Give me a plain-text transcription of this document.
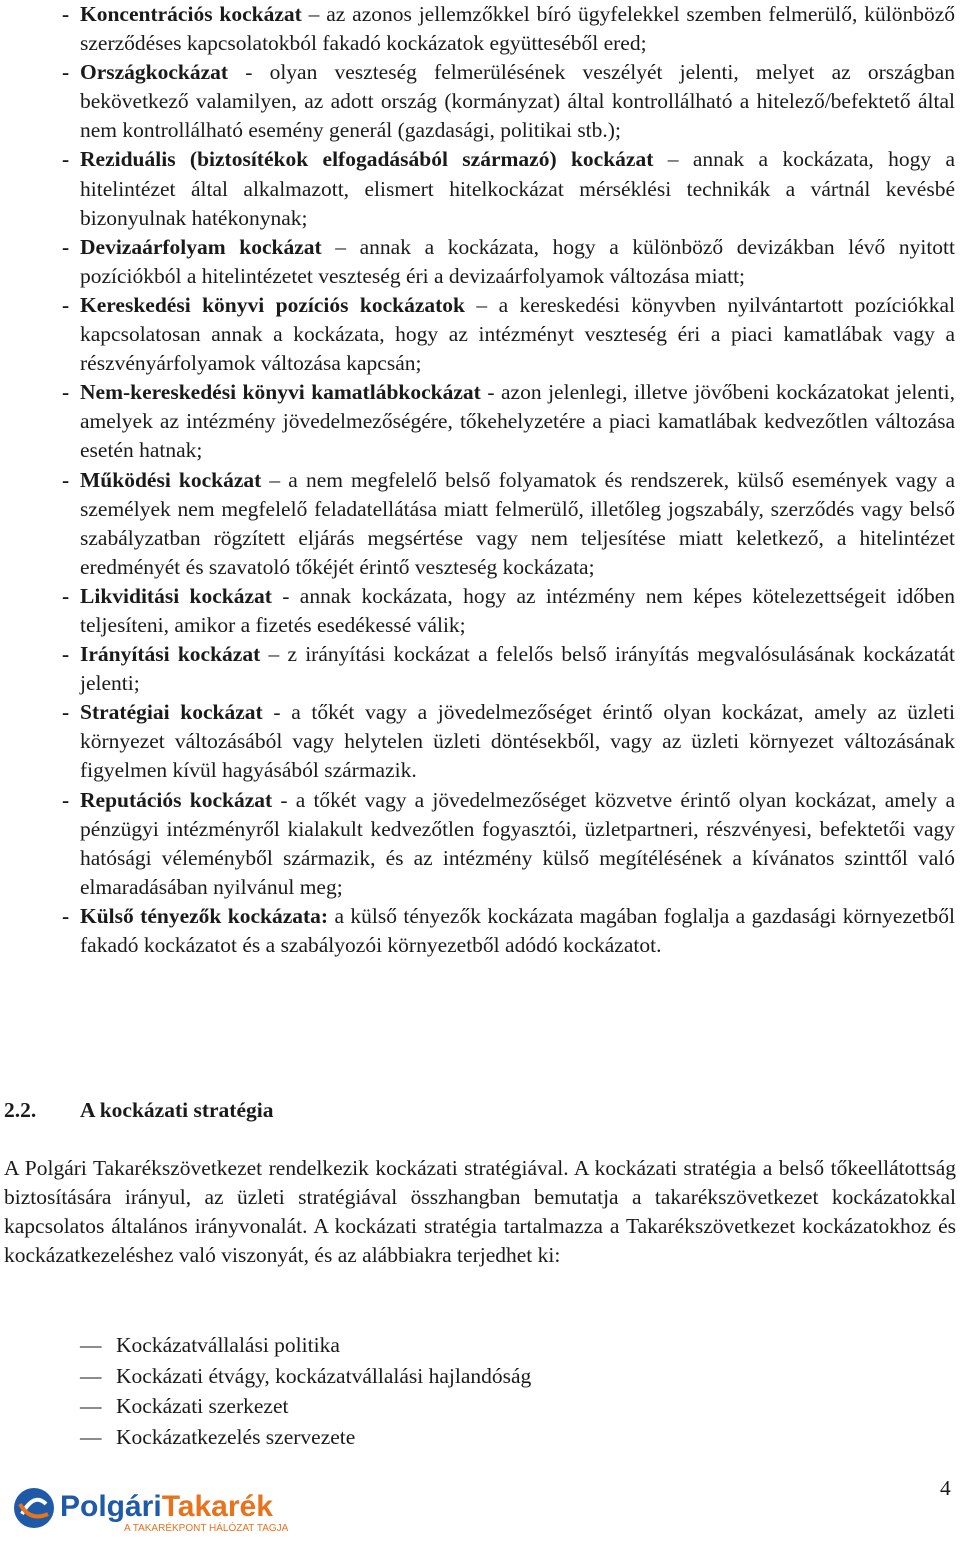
- Koncentrációs kockázat – az azonos jellemzőkkel bíró ügyfelekkel szemben felmerülő, különböző szerződéses kapcsolatokból fakadó kockázatok együtteséből ered;
- Országkockázat - olyan veszteség felmerülésének veszélyét jelenti, melyet az országban bekövetkező valamilyen, az adott ország (kormányzat) által kontrollálható a hitelező/befektető által nem kontrollálható esemény generál (gazdasági, politikai stb.);
- Reziduális (biztosítékok elfogadásából származó) kockázat – annak a kockázata, hogy a hitelintézet által alkalmazott, elismert hitelkockázat mérséklési technikák a vártnál kevésbé bizonyulnak hatékonynak;
- Devizaárfolyam kockázat – annak a kockázata, hogy a különböző devizákban lévő nyitott pozíciókból a hitelintézetet veszteség éri a devizaárfolyamok változása miatt;
- Kereskedési könyvi pozíciós kockázatok – a kereskedési könyvben nyilvántartott pozíciókkal kapcsolatosan annak a kockázata, hogy az intézményt veszteség éri a piaci kamatlábak vagy a részvényárfolyamok változása kapcsán;
- Nem-kereskedési könyvi kamatlábkockázat - azon jelenlegi, illetve jövőbeni kockázatokat jelenti, amelyek az intézmény jövedelmezőségére, tőkehelyzetére a piaci kamatlábak kedvezőtlen változása esetén hatnak;
- Működési kockázat – a nem megfelelő belső folyamatok és rendszerek, külső események vagy a személyek nem megfelelő feladatellátása miatt felmerülő, illetőleg jogszabály, szerződés vagy belső szabályzatban rögzített eljárás megsértése vagy nem teljesítése miatt keletkező, a hitelintézet eredményét és szavatoló tőkéjét érintő veszteség kockázata;
- Likviditási kockázat - annak kockázata, hogy az intézmény nem képes kötelezettségeit időben teljesíteni, amikor a fizetés esedékessé válik;
- Irányítási kockázat – z irányítási kockázat a felelős belső irányítás megvalósulásának kockázatát jelenti;
- Stratégiai kockázat - a tőkét vagy a jövedelmezőséget érintő olyan kockázat, amely az üzleti környezet változásából vagy helytelen üzleti döntésekből, vagy az üzleti környezet változásának figyelmen kívül hagyásából származik.
- Reputációs kockázat - a tőkét vagy a jövedelmezőséget közvetve érintő olyan kockázat, amely a pénzügyi intézményről kialakult kedvezőtlen fogyasztói, üzletpartneri, részvényesi, befektetői vagy hatósági véleményből származik, és az intézmény külső megítélésének a kívánatos szinttől való elmaradásában nyilvánul meg;
- Külső tényezők kockázata: a külső tényezők kockázata magában foglalja a gazdasági környezetből fakadó kockázatot és a szabályozói környezetből adódó kockázatot.
2.2. A kockázati stratégia
A Polgári Takarékszövetkezet rendelkezik kockázati stratégiával. A kockázati stratégia a belső tőkeellátottság biztosítására irányul, az üzleti stratégiával összhangban bemutatja a takarékszövetkezet kockázatokkal kapcsolatos általános irányvonalát. A kockázati stratégia tartalmazza a Takarékszövetkezet kockázatokhoz és kockázatkezeléshez való viszonyát, és az alábbiakra terjedhet ki:
— Kockázatvállalási politika
— Kockázati étvágy, kockázatvállalási hajlandóság
— Kockázati szerkezet
— Kockázatkezelés szervezete
PolgáriTakarék
A TAKARÉKPONT HÁLÓZAT TAGJA
4
